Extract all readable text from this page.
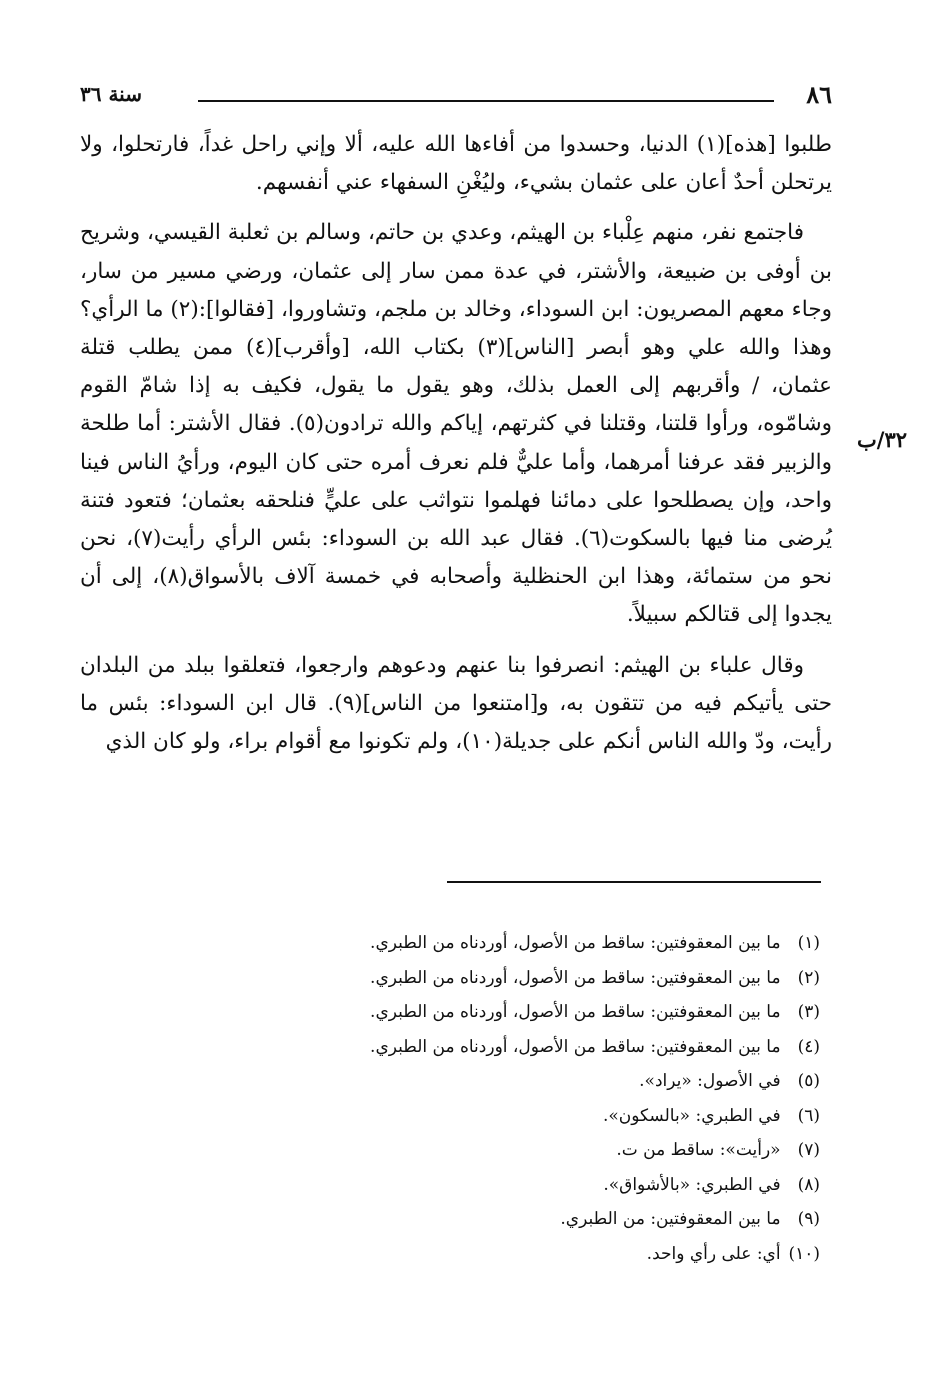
٨٦
سنة ٣٦
٣٢/ب

طلبوا [هذه](١) الدنيا، وحسدوا من أفاءها الله عليه، ألا وإني راحل غداً، فارتحلوا، ولا يرتحلن أحدٌ أعان على عثمان بشيء، وليُغْنِ السفهاء عني أنفسهم.

فاجتمع نفر، منهم عِلْباء بن الهيثم، وعدي بن حاتم، وسالم بن ثعلبة القيسي، وشريح بن أوفى بن ضبيعة، والأشتر، في عدة ممن سار إلى عثمان، ورضي مسير من سار، وجاء معهم المصريون: ابن السوداء، وخالد بن ملجم، وتشاوروا، [فقالوا]:(٢) ما الرأي؟ وهذا والله علي وهو أبصر [الناس](٣) بكتاب الله، [وأقرب](٤) ممن يطلب قتلة عثمان، / وأقربهم إلى العمل بذلك، وهو يقول ما يقول، فكيف به إذا شامّ القوم وشامّوه، ورأوا قلتنا، وقتلنا في كثرتهم، إياكم والله ترادون(٥). فقال الأشتر: أما طلحة والزبير فقد عرفنا أمرهما، وأما عليٌّ فلم نعرف أمره حتى كان اليوم، ورأيُ الناس فينا واحد، وإن يصطلحوا على دمائنا فهلموا نتواثب على عليٍّ فنلحقه بعثمان؛ فتعود فتنة يُرضى منا فيها بالسكوت(٦). فقال عبد الله بن السوداء: بئس الرأي رأيت(٧)، نحن نحو من ستمائة، وهذا ابن الحنظلية وأصحابه في خمسة آلاف بالأسواق(٨)، إلى أن يجدوا إلى قتالكم سبيلاً.

وقال علباء بن الهيثم: انصرفوا بنا عنهم ودعوهم وارجعوا، فتعلقوا ببلد من البلدان حتى يأتيكم فيه من تتقون به، و[امتنعوا من الناس](٩). قال ابن السوداء: بئس ما رأيت، ودّ والله الناس أنكم على جديلة(١٠)، ولم تكونوا مع أقوام براء، ولو كان الذي

(١) ما بين المعقوفتين: ساقط من الأصول، أوردناه من الطبري.
(٢) ما بين المعقوفتين: ساقط من الأصول، أوردناه من الطبري.
(٣) ما بين المعقوفتين: ساقط من الأصول، أوردناه من الطبري.
(٤) ما بين المعقوفتين: ساقط من الأصول، أوردناه من الطبري.
(٥) في الأصول: «يراد».
(٦) في الطبري: «بالسكون».
(٧) «رأيت»: ساقط من ت.
(٨) في الطبري: «بالأشواق».
(٩) ما بين المعقوفتين: من الطبري.
(١٠) أي: على رأي واحد.
